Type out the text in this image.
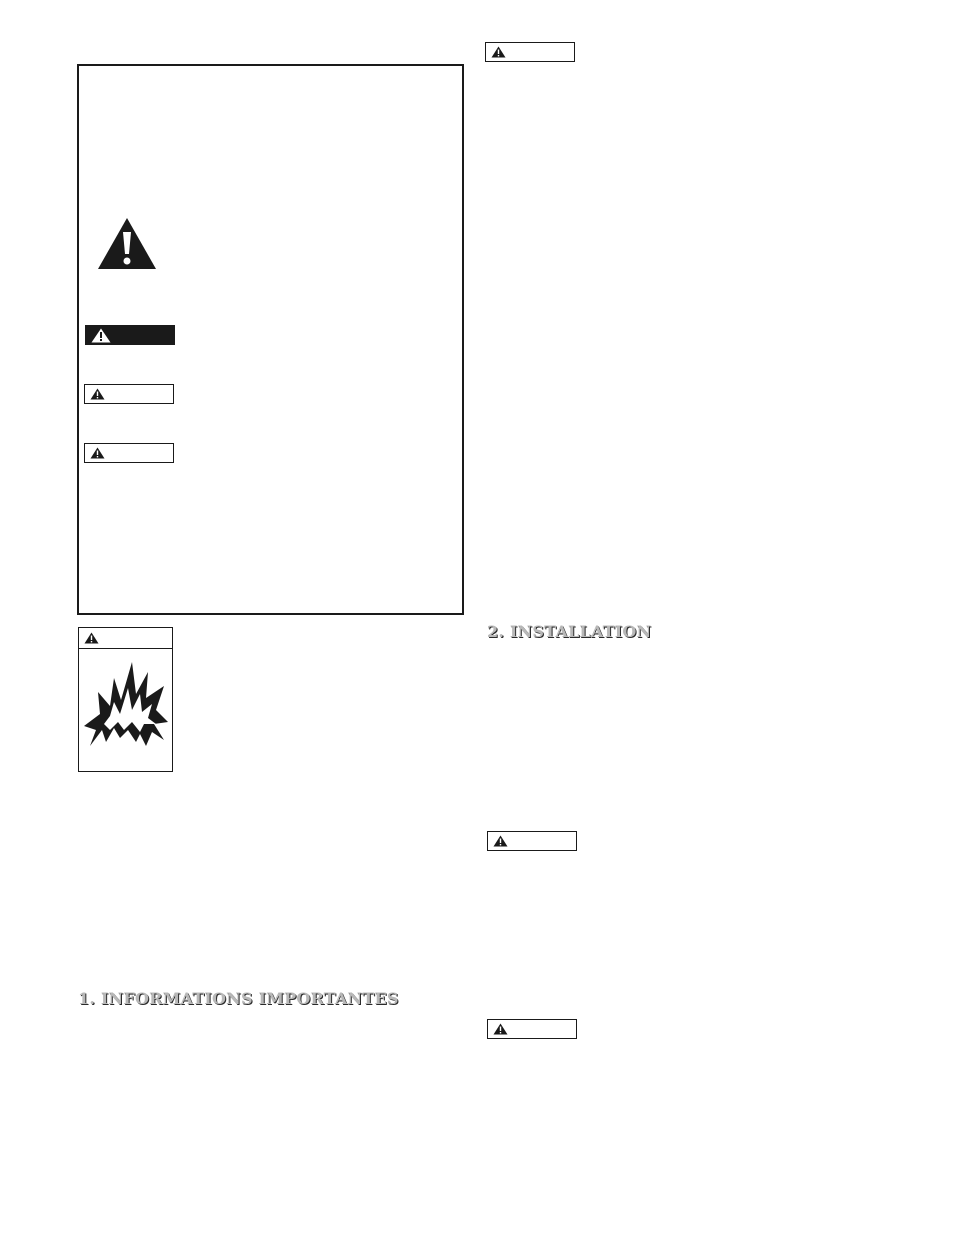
2. INSTALLATION
1. INFORMATIONS IMPORTANTES
